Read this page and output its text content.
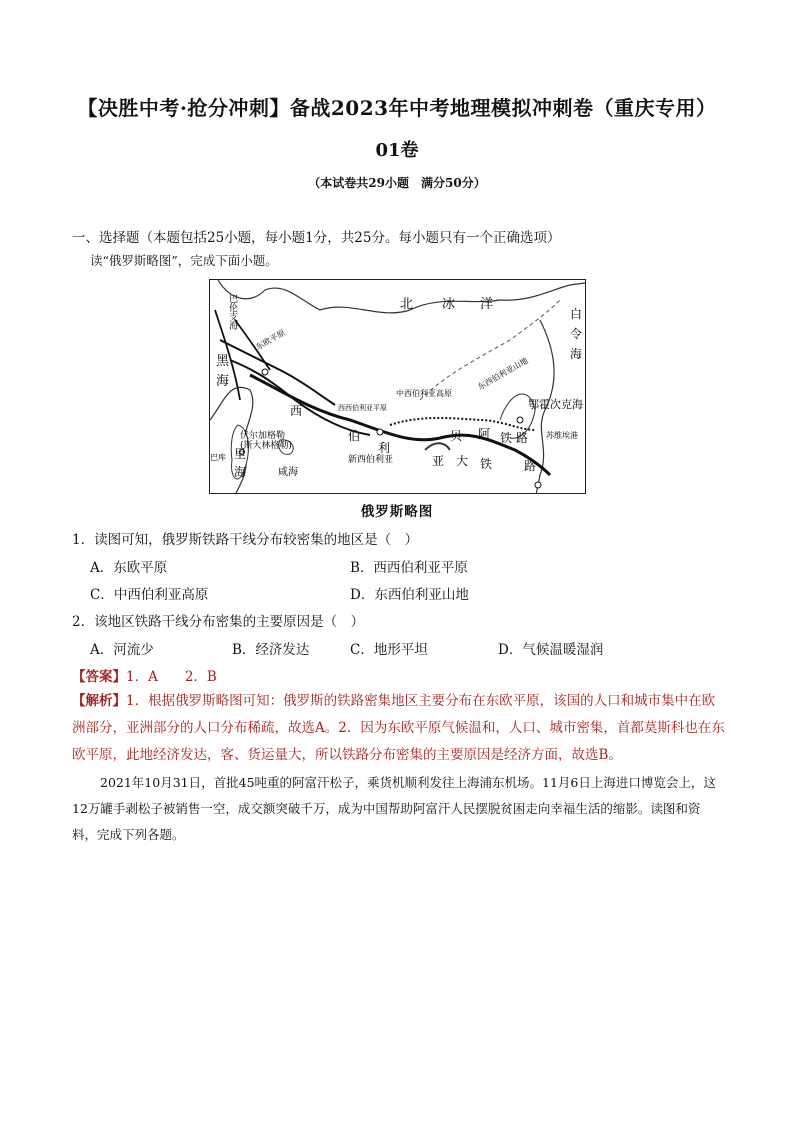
【决胜中考·抢分冲刺】备战2023年中考地理模拟冲刺卷（重庆专用）
01卷
（本试卷共29小题　满分50分）
一、选择题（本题包括25小题，每小题1分，共25分。每小题只有一个正确选项）
读“俄罗斯略图”，完成下面小题。
巴伦支海	北 冰 洋
白
令
海
黑
海
东欧平原
中西伯利亚高原
东西伯利亚山地
西西伯利亚平原	鄂霍次克海
西
伯
利
贝 阿 铁 路
亚 大 铁	路
苏维埃港
伏尔加格勒
(斯大林格勒)
巴库 里
海	咸海
新西伯利亚
俄罗斯略图
1．读图可知，俄罗斯铁路干线分布较密集的地区是（　）
A．东欧平原	B．西西伯利亚平原
C．中西伯利亚高原	D．东西伯利亚山地
2．该地区铁路干线分布密集的主要原因是（　）
A．河流少	B．经济发达	C．地形平坦	D．气候温暖湿润
【答案】1．A　　2．B
【解析】1．根据俄罗斯略图可知：俄罗斯的铁路密集地区主要分布在东欧平原，该国的人口和城市集中在欧洲部分，亚洲部分的人口分布稀疏，故选A。2．因为东欧平原气候温和，人口、城市密集，首都莫斯科也在东欧平原，此地经济发达，客、货运量大，所以铁路分布密集的主要原因是经济方面，故选B。
2021年10月31日，首批45吨重的阿富汗松子，乘货机顺利发往上海浦东机场。11月6日上海进口博览会上，这12万罐手剥松子被销售一空，成交额突破千万，成为中国帮助阿富汗人民摆脱贫困走向幸福生活的缩影。读图和资料，完成下列各题。
